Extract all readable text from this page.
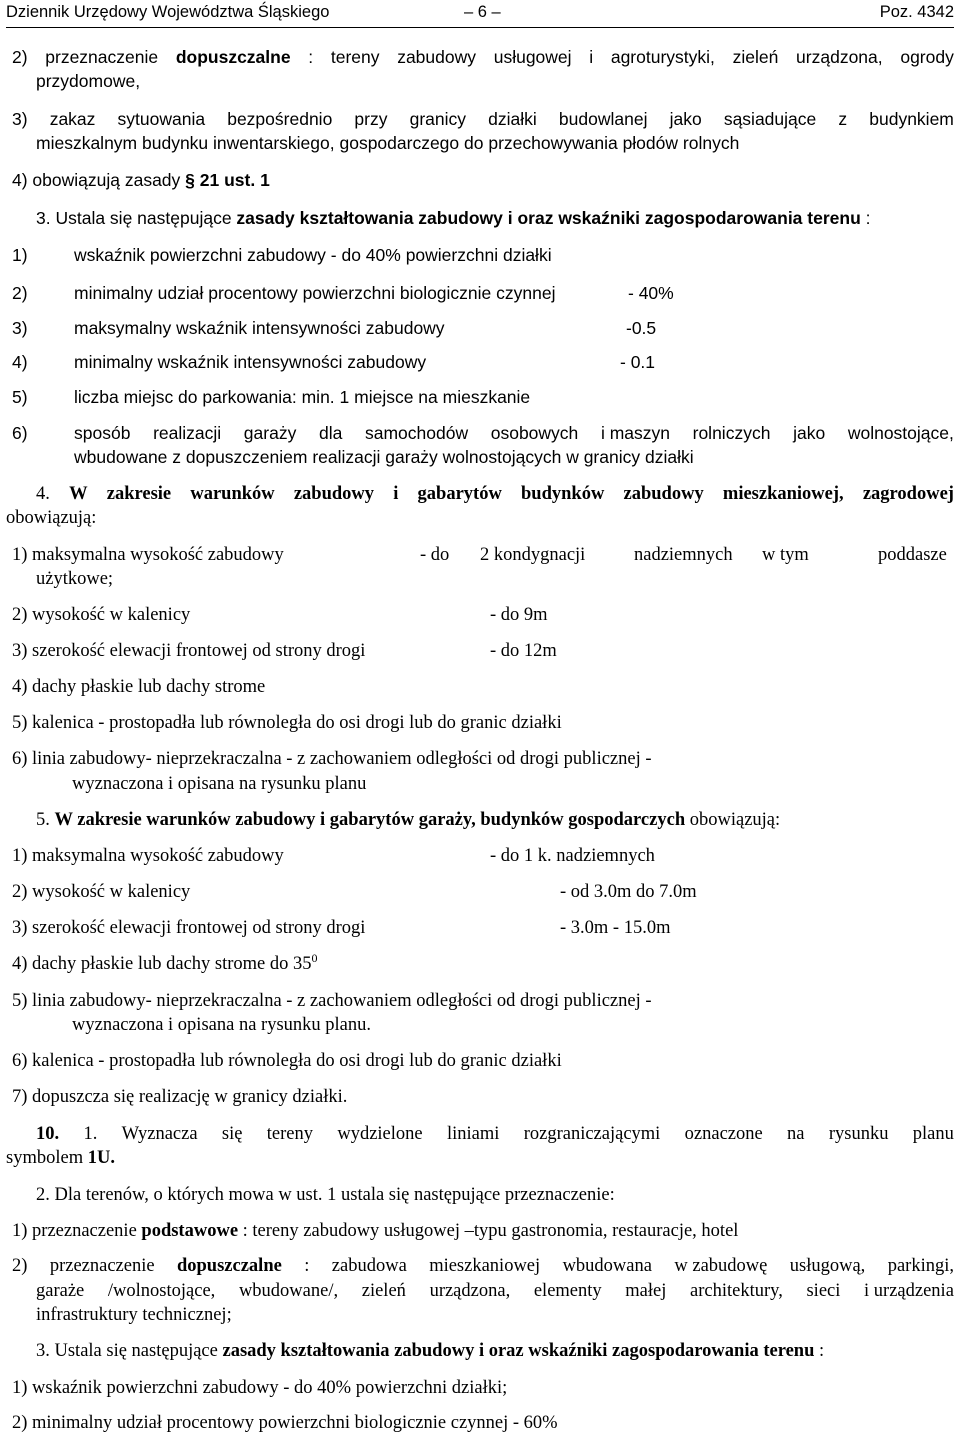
Dziennik Urzędowy Województwa Śląskiego	– 6 –	Poz. 4342
2) przeznaczenie dopuszczalne : tereny zabudowy usługowej i agroturystyki, zieleń urządzona, ogrody
przydomowe,
3) zakaz sytuowania bezpośrednio przy granicy działki budowlanej jako sąsiadujące z budynkiem
mieszkalnym budynku inwentarskiego, gospodarczego do przechowywania płodów rolnych
4) obowiązują zasady § 21 ust. 1
3. Ustala się następujące zasady kształtowania zabudowy i oraz wskaźniki zagospodarowania terenu :
1)	wskaźnik powierzchni zabudowy - do 40% powierzchni działki
2)	minimalny udział procentowy powierzchni biologicznie czynnej	- 40%
3)	maksymalny wskaźnik intensywności zabudowy	-0.5
4)	minimalny wskaźnik intensywności zabudowy	- 0.1
5)	liczba miejsc do parkowania: min. 1 miejsce na mieszkanie
6)	sposób realizacji garaży dla samochodów osobowych i maszyn rolniczych jako wolnostojące,
wbudowane z dopuszczeniem realizacji garaży wolnostojących w granicy działki
4. W zakresie warunków zabudowy i gabarytów budynków zabudowy mieszkaniowej, zagrodowej
obowiązują:
1) maksymalna wysokość zabudowy	- do 2 kondygnacji	nadziemnych w tym	poddasze
użytkowe;
2) wysokość w kalenicy	- do 9m
3) szerokość elewacji frontowej od strony drogi	- do 12m
4) dachy płaskie lub dachy strome
5) kalenica - prostopadła lub równoległa do osi drogi lub do granic działki
6) linia zabudowy- nieprzekraczalna - z zachowaniem odległości od drogi publicznej -
wyznaczona i opisana na rysunku planu
5. W zakresie warunków zabudowy i gabarytów garaży, budynków gospodarczych obowiązują:
1) maksymalna wysokość zabudowy	- do 1 k. nadziemnych
2) wysokość w kalenicy	- od 3.0m do 7.0m
3) szerokość elewacji frontowej od strony drogi	- 3.0m - 15.0m
4) dachy płaskie lub dachy strome do $35^0$
5) linia zabudowy- nieprzekraczalna - z zachowaniem odległości od drogi publicznej -
wyznaczona i opisana na rysunku planu.
6) kalenica - prostopadła lub równoległa do osi drogi lub do granic działki
7) dopuszcza się realizację w granicy działki.
10. 1. Wyznacza się tereny wydzielone liniami rozgraniczającymi oznaczone na rysunku planu
symbolem 1U.
2. Dla terenów, o których mowa w ust. 1 ustala się następujące przeznaczenie:
1) przeznaczenie podstawowe : tereny zabudowy usługowej –typu gastronomia, restauracje, hotel
2) przeznaczenie dopuszczalne : zabudowa mieszkaniowej wbudowana w zabudowę usługową, parkingi,
garaże /wolnostojące, wbudowane/, zieleń urządzona, elementy małej architektury, sieci i urządzenia
infrastruktury technicznej;
3. Ustala się następujące zasady kształtowania zabudowy i oraz wskaźniki zagospodarowania terenu :
1) wskaźnik powierzchni zabudowy - do 40% powierzchni działki;
2) minimalny udział procentowy powierzchni biologicznie czynnej - 60%
